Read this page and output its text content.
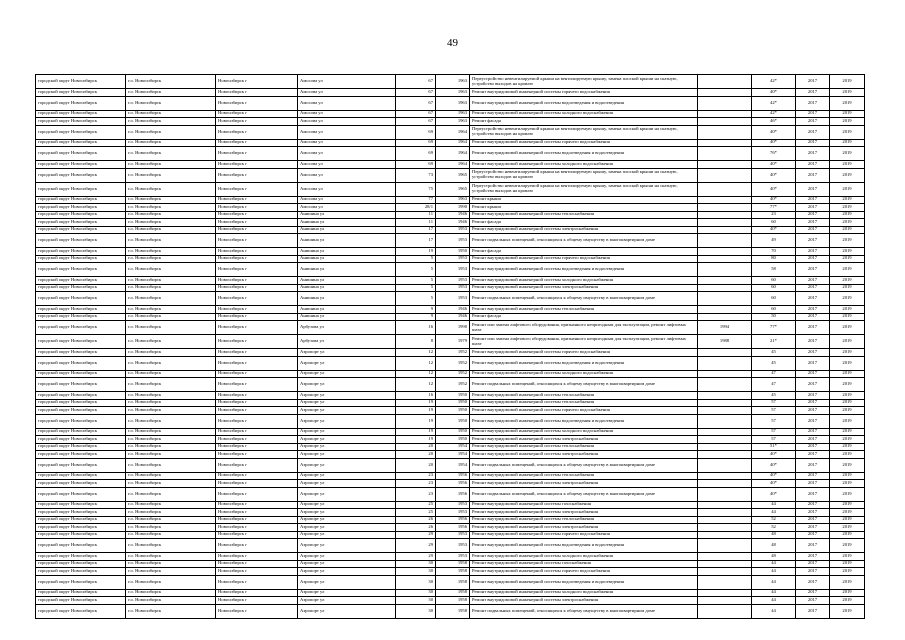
49
городской округ Новосибирск	г.о. Новосибирск	Новосибирск г	Амосова ул	67	1963	Переустройство невентилируемой крыши на вентилируемую крышу, замена плоской крыши на скатную, устройство выходов на кровлю		42*	2017	2019
городской округ Новосибирск	г.о. Новосибирск	Новосибирск г	Амосова ул	67	1963	Ремонт внутридомовой инженерной системы горячего водоснабжения		40*	2017	2019
городской округ Новосибирск	г.о. Новосибирск	Новосибирск г	Амосова ул	67	1963	Ремонт внутридомовой инженерной системы водоотведения и водоотведения		42*	2017	2019
городской округ Новосибирск	г.о. Новосибирск	Новосибирск г	Амосова ул	67	1963	Ремонт внутридомовой инженерной системы холодного водоснабжения		42*	2017	2019
городской округ Новосибирск	г.о. Новосибирск	Новосибирск г	Амосова ул	67	1963	Ремонт фасада		46*	2017	2019
городской округ Новосибирск	г.о. Новосибирск	Новосибирск г	Амосова ул	69	1964	Переустройство невентилируемой крыши на вентилируемую крышу, замена плоской крыши на скатную, устройство выходов на кровлю		40*	2017	2019
городской округ Новосибирск	г.о. Новосибирск	Новосибирск г	Амосова ул	69	1964	Ремонт внутридомовой инженерной системы горячего водоснабжения		40*	2017	2019
городской округ Новосибирск	г.о. Новосибирск	Новосибирск г	Амосова ул	69	1964	Ремонт внутридомовой инженерной системы водоотведения и водоотведения		76*	2017	2019
городской округ Новосибирск	г.о. Новосибирск	Новосибирск г	Амосова ул	69	1964	Ремонт внутридомовой инженерной системы холодного водоснабжения		40*	2017	2019
городской округ Новосибирск	г.о. Новосибирск	Новосибирск г	Амосова ул	73	1965	Переустройство невентилируемой крыши на вентилируемую крышу, замена плоской крыши на скатную, устройство выходов на кровлю		40*	2017	2019
городской округ Новосибирск	г.о. Новосибирск	Новосибирск г	Амосова ул	75	1965	Переустройство невентилируемой крыши на вентилируемую крышу, замена плоской крыши на скатную, устройство выходов на кровлю		40*	2017	2019
городской округ Новосибирск	г.о. Новосибирск	Новосибирск г	Амосова ул	77	1963	Ремонт крыши		40*	2017	2019
городской округ Новосибирск	г.о. Новосибирск	Новосибирск г	Амосова ул	28/1	1990	Ремонт крыши		77*	2017	2019
городской округ Новосибирск	г.о. Новосибирск	Новосибирск г	Анишина ул	11	1946	Ремонт внутридомовой инженерной системы теплоснабжения		23	2017	2019
городской округ Новосибирск	г.о. Новосибирск	Новосибирск г	Анишина ул	11	1946	Ремонт фасада		60	2017	2019
городской округ Новосибирск	г.о. Новосибирск	Новосибирск г	Анишина ул	17	1953	Ремонт внутридомовой инженерной системы электроснабжения		40*	2017	2019
городской округ Новосибирск	г.о. Новосибирск	Новосибирск г	Анишина ул	17	1953	Ремонт подвальных помещений, относящихся к общему имуществу в многоквартирном доме		49	2017	2019
городской округ Новосибирск	г.о. Новосибирск	Новосибирск г	Анишина ул	19	1950	Ремонт фасада		70	2017	2019
городской округ Новосибирск	г.о. Новосибирск	Новосибирск г	Анишина ул	5	1953	Ремонт внутридомовой инженерной системы горячего водоснабжения		80	2017	2019
городской округ Новосибирск	г.о. Новосибирск	Новосибирск г	Анишина ул	5	1953	Ремонт внутридомовой инженерной системы водоотведения и водоотведения		58	2017	2019
городской округ Новосибирск	г.о. Новосибирск	Новосибирск г	Анишина ул	5	1953	Ремонт внутридомовой инженерной системы холодного водоснабжения		60	2017	2019
городской округ Новосибирск	г.о. Новосибирск	Новосибирск г	Анишина ул	5	1953	Ремонт внутридомовой инженерной системы электроснабжения		60	2017	2019
городской округ Новосибирск	г.о. Новосибирск	Новосибирск г	Анишина ул	5	1953	Ремонт подвальных помещений, относящихся к общему имуществу в многоквартирном доме		60	2017	2019
городской округ Новосибирск	г.о. Новосибирск	Новосибирск г	Анишина ул	9	1946	Ремонт внутридомовой инженерной системы теплоснабжения		60	2017	2019
городской округ Новосибирск	г.о. Новосибирск	Новосибирск г	Анишина ул	9	1946	Ремонт фасада		50	2017	2019
городской округ Новосибирск	г.о. Новосибирск	Новосибирск г	Арбузова ул	16	1990	Ремонт или замена лифтового оборудования, признанного непригодным для эксплуатации, ремонт лифтовых шахт	1994	77*	2017	2019
городской округ Новосибирск	г.о. Новосибирск	Новосибирск г	Арбузова ул	8	1979	Ремонт или замена лифтового оборудования, признанного непригодным для эксплуатации, ремонт лифтовых шахт	1988	21*	2017	2019
городской округ Новосибирск	г.о. Новосибирск	Новосибирск г	Аэропорт ул	12	1952	Ремонт внутридомовой инженерной системы горячего водоснабжения		45	2017	2019
городской округ Новосибирск	г.о. Новосибирск	Новосибирск г	Аэропорт ул	12	1952	Ремонт внутридомовой инженерной системы водоотведения и водоотведения		45	2017	2019
городской округ Новосибирск	г.о. Новосибирск	Новосибирск г	Аэропорт ул	12	1952	Ремонт внутридомовой инженерной системы холодного водоснабжения		47	2017	2019
городской округ Новосибирск	г.о. Новосибирск	Новосибирск г	Аэропорт ул	12	1952	Ремонт подвальных помещений, относящихся к общему имуществу в многоквартирном доме		47	2017	2019
городской округ Новосибирск	г.о. Новосибирск	Новосибирск г	Аэропорт ул	16	1950	Ремонт внутридомовой инженерной системы теплоснабжения		45	2017	2019
городской округ Новосибирск	г.о. Новосибирск	Новосибирск г	Аэропорт ул	19	1950	Ремонт внутридомовой инженерной системы теплоснабжения		57	2017	2019
городской округ Новосибирск	г.о. Новосибирск	Новосибирск г	Аэропорт ул	19	1950	Ремонт внутридомовой инженерной системы горячего водоснабжения		57	2017	2019
городской округ Новосибирск	г.о. Новосибирск	Новосибирск г	Аэропорт ул	19	1950	Ремонт внутридомовой инженерной системы водоотведения и водоотведения		57	2017	2019
городской округ Новосибирск	г.о. Новосибирск	Новосибирск г	Аэропорт ул	19	1950	Ремонт внутридомовой инженерной системы холодного водоснабжения		57	2017	2019
городской округ Новосибирск	г.о. Новосибирск	Новосибирск г	Аэропорт ул	19	1950	Ремонт внутридомовой инженерной системы электроснабжения		57	2017	2019
городской округ Новосибирск	г.о. Новосибирск	Новосибирск г	Аэропорт ул	20	1954	Ремонт внутридомовой инженерной системы теплоснабжения		51*	2017	2019
городской округ Новосибирск	г.о. Новосибирск	Новосибирск г	Аэропорт ул	20	1954	Ремонт внутридомовой инженерной системы электроснабжения		40*	2017	2019
городской округ Новосибирск	г.о. Новосибирск	Новосибирск г	Аэропорт ул	20	1954	Ремонт подвальных помещений, относящихся к общему имуществу в многоквартирном доме		40*	2017	2019
городской округ Новосибирск	г.о. Новосибирск	Новосибирск г	Аэропорт ул	23	1956	Ремонт внутридомовой инженерной системы теплоснабжения		40*	2017	2019
городской округ Новосибирск	г.о. Новосибирск	Новосибирск г	Аэропорт ул	23	1956	Ремонт внутридомовой инженерной системы электроснабжения		40*	2017	2019
городской округ Новосибирск	г.о. Новосибирск	Новосибирск г	Аэропорт ул	23	1956	Ремонт подвальных помещений, относящихся к общему имуществу в многоквартирном доме		40*	2017	2019
городской округ Новосибирск	г.о. Новосибирск	Новосибирск г	Аэропорт ул	25	1953	Ремонт внутридомовой инженерной системы газоснабжения		44	2017	2019
городской округ Новосибирск	г.о. Новосибирск	Новосибирск г	Аэропорт ул	25	1953	Ремонт внутридомовой инженерной системы электроснабжения		44	2017	2019
городской округ Новосибирск	г.о. Новосибирск	Новосибирск г	Аэропорт ул	26	1956	Ремонт внутридомовой инженерной системы теплоснабжения		52	2017	2019
городской округ Новосибирск	г.о. Новосибирск	Новосибирск г	Аэропорт ул	26	1956	Ремонт внутридомовой инженерной системы электроснабжения		52	2017	2019
городской округ Новосибирск	г.о. Новосибирск	Новосибирск г	Аэропорт ул	29	1953	Ремонт внутридомовой инженерной системы горячего водоснабжения		48	2017	2019
городской округ Новосибирск	г.о. Новосибирск	Новосибирск г	Аэропорт ул	29	1953	Ремонт внутридомовой инженерной системы водоотведения и водоотведения		48	2017	2019
городской округ Новосибирск	г.о. Новосибирск	Новосибирск г	Аэропорт ул	29	1953	Ремонт внутридомовой инженерной системы холодного водоснабжения		48	2017	2019
городской округ Новосибирск	г.о. Новосибирск	Новосибирск г	Аэропорт ул	30	1958	Ремонт внутридомовой инженерной системы газоснабжения		44	2017	2019
городской округ Новосибирск	г.о. Новосибирск	Новосибирск г	Аэропорт ул	30	1958	Ремонт внутридомовой инженерной системы горячего водоснабжения		44	2017	2019
городской округ Новосибирск	г.о. Новосибирск	Новосибирск г	Аэропорт ул	30	1958	Ремонт внутридомовой инженерной системы водоотведения и водоотведения		44	2017	2019
городской округ Новосибирск	г.о. Новосибирск	Новосибирск г	Аэропорт ул	30	1958	Ремонт внутридомовой инженерной системы холодного водоснабжения		44	2017	2019
городской округ Новосибирск	г.о. Новосибирск	Новосибирск г	Аэропорт ул	30	1958	Ремонт внутридомовой инженерной системы электроснабжения		44	2017	2019
городской округ Новосибирск	г.о. Новосибирск	Новосибирск г	Аэропорт ул	30	1958	Ремонт подвальных помещений, относящихся к общему имуществу в многоквартирном доме		44	2017	2019
